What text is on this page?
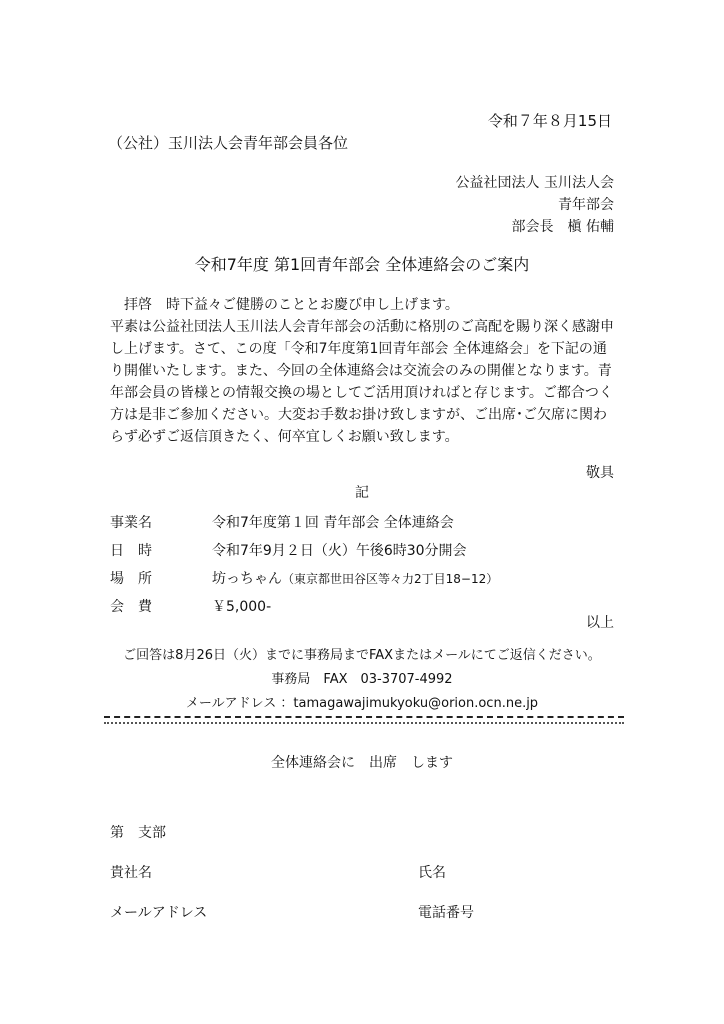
令和７年８月15日
（公社）玉川法人会青年部会員各位
公益社団法人 玉川法人会
青年部会
部会長　槇 佑輔
令和7年度 第1回青年部会 全体連絡会のご案内

拝啓　時下益々ご健勝のこととお慶び申し上げます。

平素は公益社団法人玉川法人会青年部会の活動に格別のご高配を賜り深く感謝申し上げます。さて、この度「令和7年度第1回青年部会 全体連絡会」を下記の通り開催いたします。また、今回の全体連絡会は交流会のみの開催となります。青年部会員の皆様との情報交換の場としてご活用頂ければと存じます。ご都合つく方は是非ご参加ください。大変お手数お掛け致しますが、ご出席･ご欠席に関わらず必ずご返信頂きたく、何卒宜しくお願い致します。

敬具
記
事業名	令和7年度第１回 青年部会 全体連絡会
日　時	令和7年9月２日（火）午後6時30分開会
場　所	坊っちゃん（東京都世田谷区等々力2丁目18−12）
会　費	￥5,000-
以上
ご回答は8月26日（火）までに事務局までFAXまたはメールにてご返信ください。
事務局　FAX　03-3707-4992
メールアドレス ：tamagawajimukyoku@orion.ocn.ne.jp
全体連絡会に　出席　します
第　支部
貴社名	氏名
メールアドレス	電話番号
